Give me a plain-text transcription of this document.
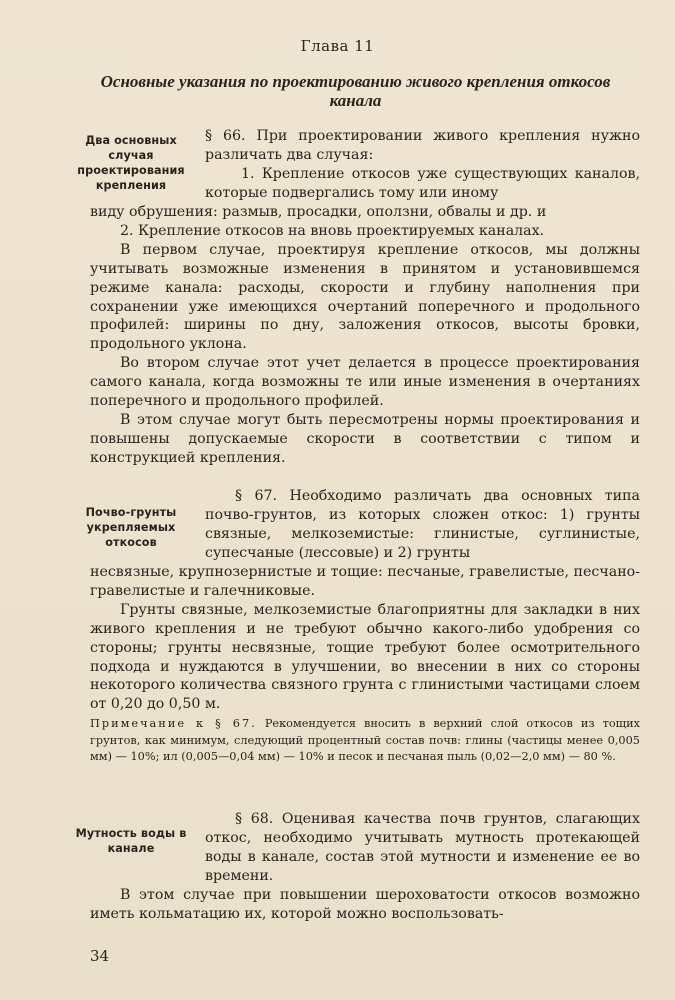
Глава 11
Основные указания по проектированию живого крепления откосов канала
Два основных случая проектирования крепления

§ 66. При проектировании живого крепления нужно различать два случая:

1. Крепление откосов уже существующих каналов, которые подвергались тому или иному

виду обрушения: размыв, просадки, оползни, обвалы и др. и

2. Крепление откосов на вновь проектируемых каналах.

В первом случае, проектируя крепление откосов, мы должны учитывать возможные изменения в принятом и установившемся режиме канала: расходы, скорости и глубину наполнения при сохранении уже имеющихся очертаний поперечного и продольного профилей: ширины по дну, заложения откосов, высоты бровки, продольного уклона.

Во втором случае этот учет делается в процессе проектирования самого канала, когда возможны те или иные изменения в очертаниях поперечного и продольного профилей.

В этом случае могут быть пересмотрены нормы проектирования и повышены допускаемые скорости в соответствии с типом и конструкцией крепления.

Почво-грунты укрепляемых откосов

§ 67. Необходимо различать два основных типа почво-грунтов, из которых сложен откос: 1) грунты связные, мелкоземистые: глинистые, суглинистые, супесчаные (лессовые) и 2) грунты

несвязные, крупнозернистые и тощие: песчаные, гравелистые, песчано-гравелистые и галечниковые.

Грунты связные, мелкоземистые благоприятны для закладки в них живого крепления и не требуют обычно какого-либо удобрения со стороны; грунты несвязные, тощие требуют более осмотрительного подхода и нуждаются в улучшении, во внесении в них со стороны некоторого количества связного грунта с глинистыми частицами слоем от 0,20 до 0,50 м.

Примечание к § 67. Рекомендуется вносить в верхний слой откосов из тощих грунтов, как минимум, следующий процентный состав почв: глины (частицы менее 0,005 мм) — 10%; ил (0,005—0,04 мм) — 10% и песок и песчаная пыль (0,02—2,0 мм) — 80 %.
Мутность воды в канале

§ 68. Оценивая качества почв грунтов, слагающих откос, необходимо учитывать мутность протекающей воды в канале, состав этой мутности и изменение ее во времени.

В этом случае при повышении шероховатости откосов возможно иметь кольматацию их, которой можно воспользовать-

34
